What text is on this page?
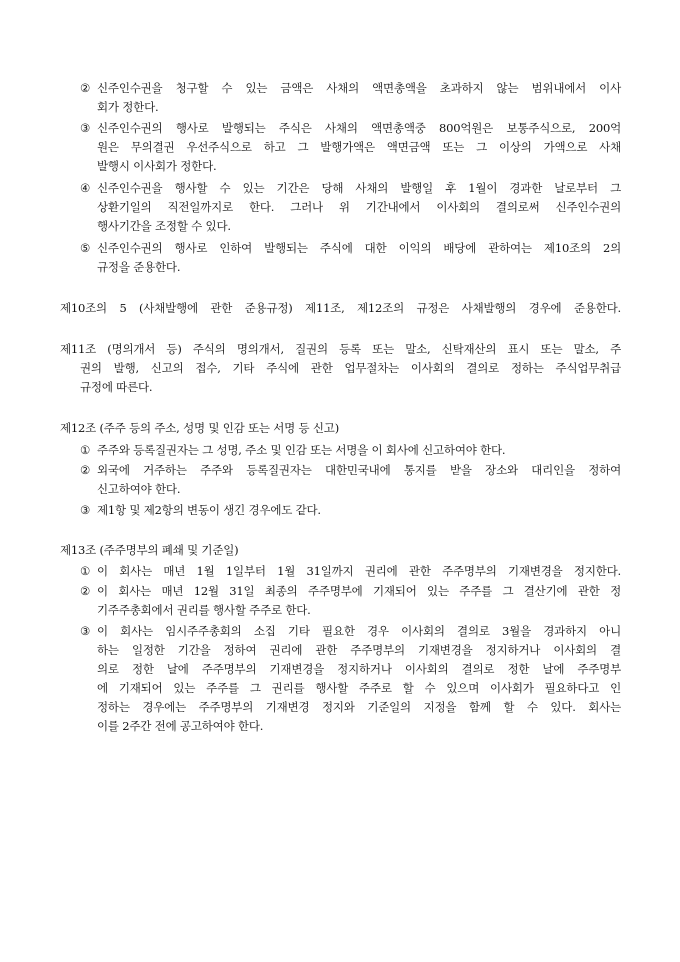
② 신주인수권을 청구할 수 있는 금액은 사채의 액면총액을 초과하지 않는 범위내에서 이사
회가 정한다.
③ 신주인수권의 행사로 발행되는 주식은 사채의 액면총액중 800억원은 보통주식으로, 200억
원은 무의결권 우선주식으로 하고 그 발행가액은 액면금액 또는 그 이상의 가액으로 사채
발행시 이사회가 정한다.
④ 신주인수권을 행사할 수 있는 기간은 당해 사채의 발행일 후 1월이 경과한 날로부터 그
상환기일의 직전일까지로 한다. 그러나 위 기간내에서 이사회의 결의로써 신주인수권의
행사기간을 조정할 수 있다.
⑤ 신주인수권의 행사로 인하여 발행되는 주식에 대한 이익의 배당에 관하여는 제10조의 2의
규정을 준용한다.
제10조의 5 (사채발행에 관한 준용규정) 제11조, 제12조의 규정은 사채발행의 경우에 준용한다.
제11조 (명의개서 등) 주식의 명의개서, 질권의 등록 또는 말소, 신탁재산의 표시 또는 말소, 주
권의 발행, 신고의 접수, 기타 주식에 관한 업무절차는 이사회의 결의로 정하는 주식업무취급
규정에 따른다.
제12조 (주주 등의 주소, 성명 및 인감 또는 서명 등 신고)
① 주주와 등록질권자는 그 성명, 주소 및 인감 또는 서명을 이 회사에 신고하여야 한다.
② 외국에 거주하는 주주와 등록질권자는 대한민국내에 통지를 받을 장소와 대리인을 정하여
신고하여야 한다.
③ 제1항 및 제2항의 변동이 생긴 경우에도 같다.
제13조 (주주명부의 폐쇄 및 기준일)
① 이 회사는 매년 1월 1일부터 1월 31일까지 권리에 관한 주주명부의 기재변경을 정지한다.
② 이 회사는 매년 12월 31일 최종의 주주명부에 기재되어 있는 주주를 그 결산기에 관한 정
기주주총회에서 권리를 행사할 주주로 한다.
③ 이 회사는 임시주주총회의 소집 기타 필요한 경우 이사회의 결의로 3월을 경과하지 아니
하는 일정한 기간을 정하여 권리에 관한 주주명부의 기재변경을 정지하거나 이사회의 결
의로 정한 날에 주주명부의 기재변경을 정지하거나 이사회의 결의로 정한 날에 주주명부
에 기재되어 있는 주주를 그 권리를 행사할 주주로 할 수 있으며 이사회가 필요하다고 인
정하는 경우에는 주주명부의 기재변경 정지와 기준일의 지정을 함께 할 수 있다. 회사는
이를 2주간 전에 공고하여야 한다.
